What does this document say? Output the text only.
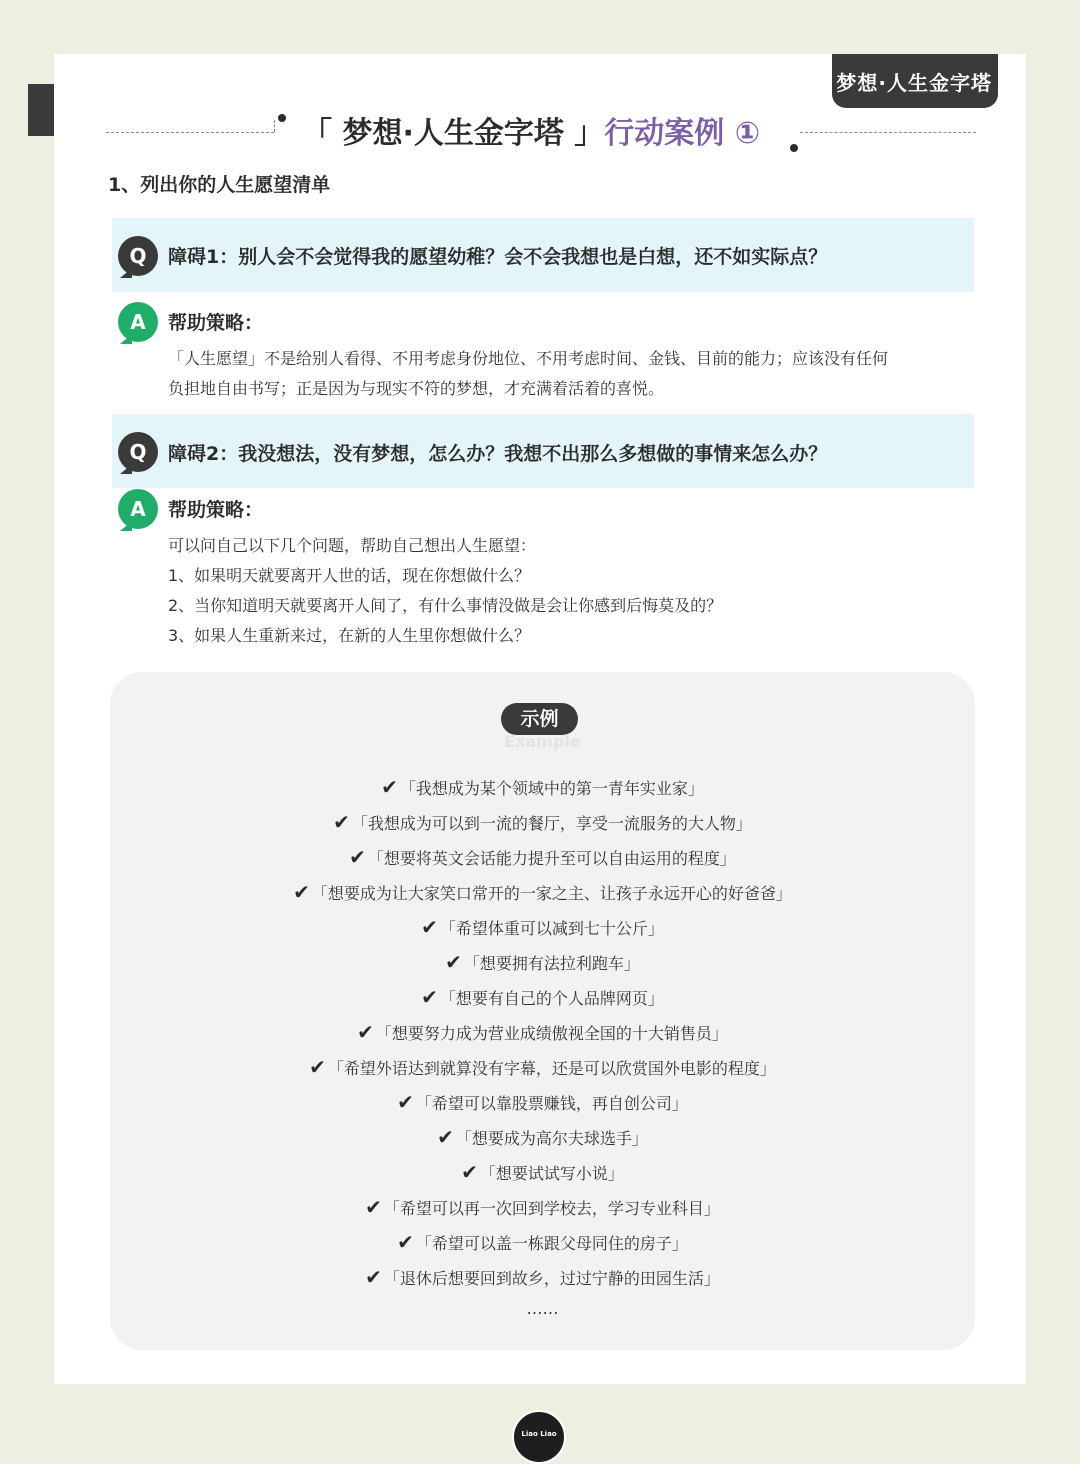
梦想·人生金字塔
「 梦想·人生金字塔 」行动案例 ①
1、列出你的人生愿望清单
Q	障碍1：别人会不会觉得我的愿望幼稚？会不会我想也是白想，还不如实际点？
A	帮助策略：

「人生愿望」不是给别人看得、不用考虑身份地位、不用考虑时间、金钱、目前的能力；应该没有任何

负担地自由书写；正是因为与现实不符的梦想，才充满着活着的喜悦。

Q	障碍2：我没想法，没有梦想，怎么办？我想不出那么多想做的事情来怎么办？
A	帮助策略：

可以问自己以下几个问题，帮助自己想出人生愿望：

1、如果明天就要离开人世的话，现在你想做什么？

2、当你知道明天就要离开人间了，有什么事情没做是会让你感到后悔莫及的？

3、如果人生重新来过，在新的人生里你想做什么？

示例
Example
✔ 「我想成为某个领域中的第一青年实业家」
✔ 「我想成为可以到一流的餐厅，享受一流服务的大人物」
✔ 「想要将英文会话能力提升至可以自由运用的程度」
✔ 「想要成为让大家笑口常开的一家之主、让孩子永远开心的好爸爸」
✔ 「希望体重可以减到七十公斤」
✔ 「想要拥有法拉利跑车」
✔ 「想要有自己的个人品牌网页」
✔ 「想要努力成为营业成绩傲视全国的十大销售员」
✔ 「希望外语达到就算没有字幕，还是可以欣赏国外电影的程度」
✔ 「希望可以靠股票赚钱，再自创公司」
✔ 「想要成为高尔夫球选手」
✔ 「想要试试写小说」
✔ 「希望可以再一次回到学校去，学习专业科目」
✔ 「希望可以盖一栋跟父母同住的房子」
✔ 「退休后想要回到故乡，过过宁静的田园生活」
……
Liao Liao
